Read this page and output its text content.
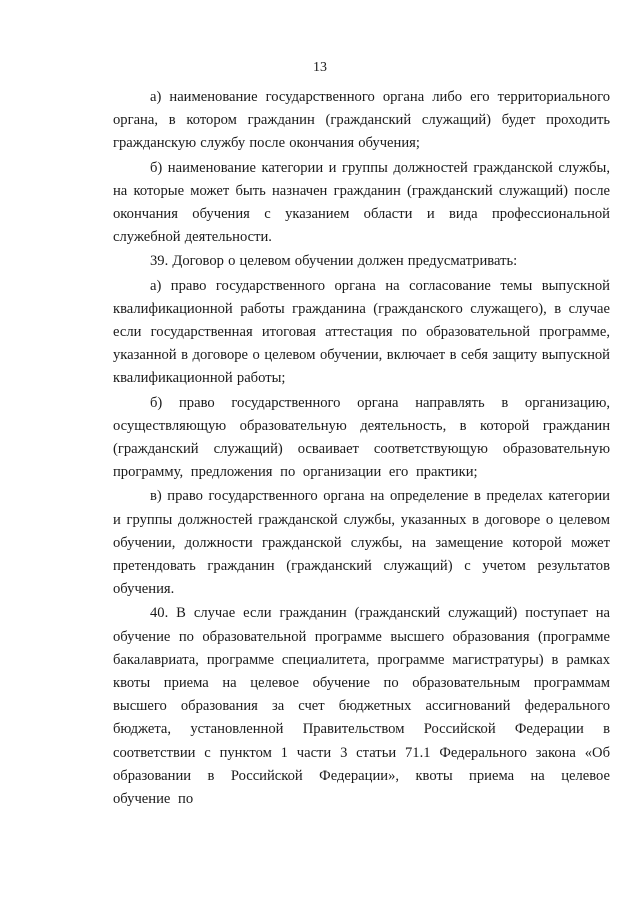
13

а) наименование государственного органа либо его территориального органа, в котором гражданин (гражданский служащий) будет проходить гражданскую службу после окончания обучения;

б) наименование категории и группы должностей гражданской службы, на которые может быть назначен гражданин (гражданский служащий) после окончания обучения с указанием области и вида профессиональной служебной деятельности.

39. Договор о целевом обучении должен предусматривать:

а) право государственного органа на согласование темы выпускной квалификационной работы гражданина (гражданского служащего), в случае если государственная итоговая аттестация по образовательной программе, указанной в договоре о целевом обучении, включает в себя защиту выпускной квалификационной работы;

б) право государственного органа направлять в организацию, осуществляющую образовательную деятельность, в которой гражданин (гражданский служащий) осваивает соответствующую образовательную программу, предложения по организации его практики;

в) право государственного органа на определение в пределах категории и группы должностей гражданской службы, указанных в договоре о целевом обучении, должности гражданской службы, на замещение которой может претендовать гражданин (гражданский служащий) с учетом результатов обучения.

40. В случае если гражданин (гражданский служащий) поступает на обучение по образовательной программе высшего образования (программе бакалавриата, программе специалитета, программе магистратуры) в рамках квоты приема на целевое обучение по образовательным программам высшего образования за счет бюджетных ассигнований федерального бюджета, установленной Правительством Российской Федерации в соответствии с пунктом 1 части 3 статьи 71.1 Федерального закона «Об образовании в Российской Федерации», квоты приема на целевое обучение по
